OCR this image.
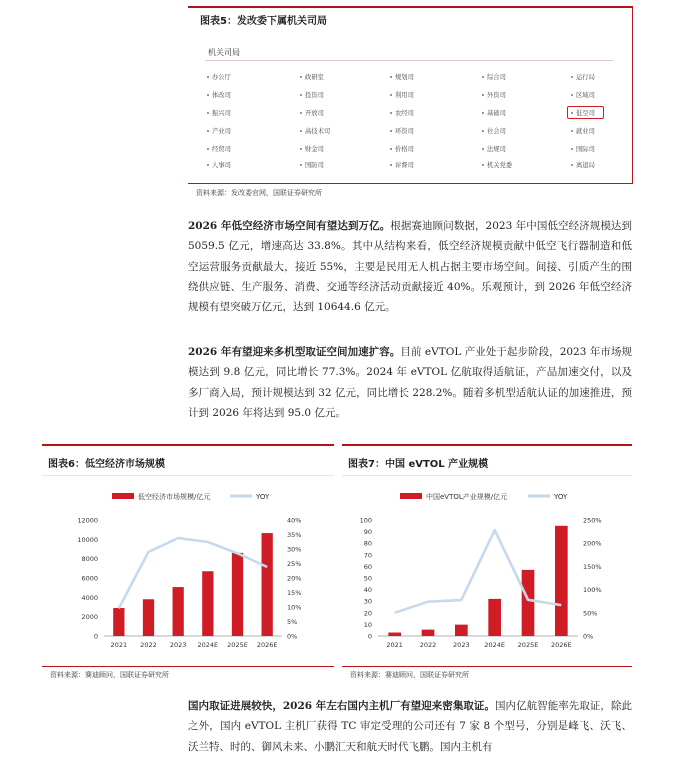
图表5：发改委下属机关司局
机关司局
办公厅	政研室	规划司	综合司	运行局
体改司	投资司	利用司	外资司	区域司
振兴司	开放司	农经司	基础司	低空司
产业司	高技术司	环资司	社会司	就业司
经贸司	财金司	价格司	法规司	国际司
人事司	国防司	评督司	机关党委	离退局
资料来源：发改委官网，国联证券研究所
2026 年低空经济市场空间有望达到万亿。根据赛迪顾问数据，2023 年中国低空经济规模达到 5059.5 亿元，增速高达 33.8%。其中从结构来看，低空经济规模贡献中低空飞行器制造和低空运营服务贡献最大，接近 55%，主要是民用无人机占据主要市场空间。间接、引质产生的围绕供应链、生产服务、消费、交通等经济活动贡献接近 40%。乐观预计，到 2026 年低空经济规模有望突破万亿元，达到 10644.6 亿元。
2026 年有望迎来多机型取证空间加速扩容。目前 eVTOL 产业处于起步阶段，2023 年市场规模达到 9.8 亿元，同比增长 77.3%。2024 年 eVTOL 亿航取得适航证，产品加速交付，以及多厂商入局，预计规模达到 32 亿元，同比增长 228.2%。随着多机型适航认证的加速推进，预计到 2026 年将达到 95.0 亿元。
图表6：低空经济市场规模
低空经济市场规模/亿元	YOY
0
2000
4000
6000
8000
10000
12000
0%
5%
10%
15%
20%
25%
30%
35%
40%
2021 2022 2023 2024E 2025E 2026E
资料来源：赛迪顾问，国联证券研究所
图表7：中国 eVTOL 产业规模
中国eVTOL产业规模/亿元	YOY
0
10
20
30
40
50
60
70
80
90
100
0%
50%
100%
150%
200%
250%
2021	2022	2023 2024E 2025E 2026E
资料来源：赛迪顾问，国联证券研究所
国内取证进展较快，2026 年左右国内主机厂有望迎来密集取证。国内亿航智能率先取证，除此之外，国内 eVTOL 主机厂获得 TC 审定受理的公司还有 7 家 8 个型号，分别是峰飞、沃飞、沃兰特、时的、御风未来、小鹏汇天和航天时代飞鹏。国内主机有
